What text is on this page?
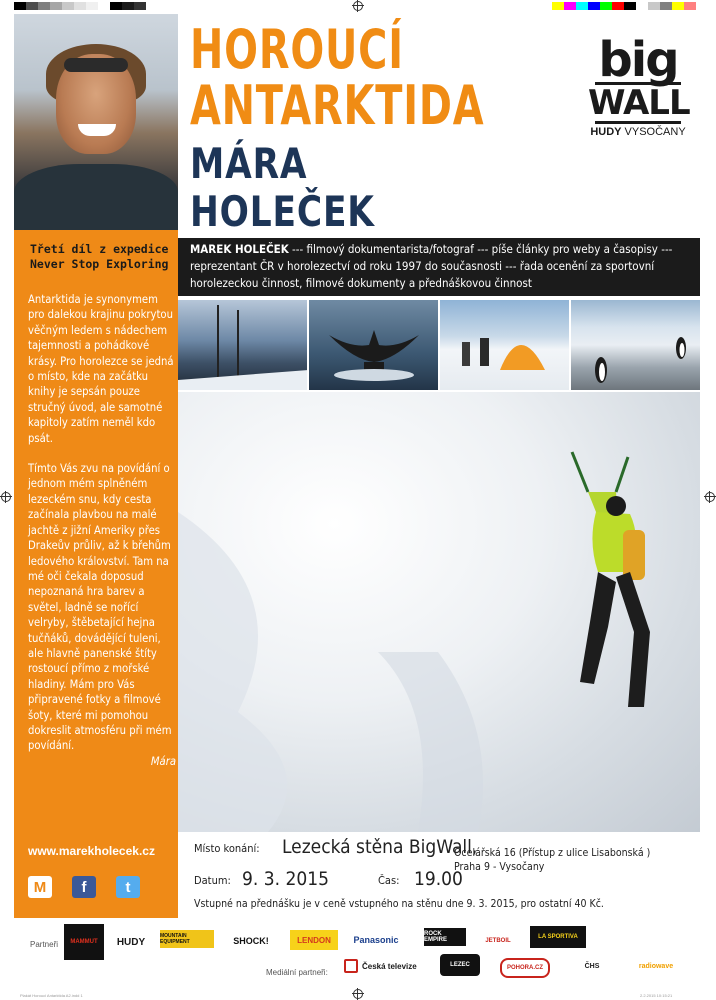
HOROUCÍ
ANTARKTIDA
MÁRA HOLEČEK
big
WALL
HUDY VYSOČANY
Třetí díl z expedice Never Stop Exploring

Antarktida je synonymem pro dalekou krajinu pokrytou věčným ledem s nádechem tajemnosti a pohádkové krásy. Pro horolezce se jedná o místo, kde na začátku knihy je sepsán pouze stručný úvod, ale samotné kapitoly zatím neměl kdo psát.

Tímto Vás zvu na povídání o jednom mém splněném lezeckém snu, kdy cesta začínala plavbou na malé jachtě z jižní Ameriky přes Drakeův průliv, až k břehům ledového království. Tam na mé oči čekala doposud nepoznaná hra barev a světel, ladně se nořící velryby, štěbetající hejna tučňáků, dovádějící tuleni, ale hlavně panenské štíty rostoucí přímo z mořské hladiny. Mám pro Vás připravené fotky a filmové šoty, které mi pomohou dokreslit atmosféru při mém povídání.

Mára
www.marekholecek.cz
M	f	t
MAREK HOLEČEK --- filmový dokumentarista/fotograf --- píše články pro weby a časopisy --- reprezentant ČR v horolezectví od roku 1997 do současnosti --- řada ocenění za sportovní horolezeckou činnost, filmové dokumenty a přednáškovou činnost
Místo konání: Lezecká stěna BigWall,
Ocelářská 16 (Přístup z ulice Lisabonská )
Praha 9 - Vysočany
Datum: 9. 3. 2015	Čas: 19.00
Vstupné na přednášku je v ceně vstupného na stěnu dne 9. 3. 2015, pro ostatní 40 Kč.
Partneři	MAMMUT	HUDY
MOUNTAIN EQUIPMENT	SHOCK!	LENDON	Panasonic
ROCK EMPIRE	JETBOIL
LA SPORTIVA
Mediální partneři:
Česká televize	LEZEC	POHORA.CZ	ČHS	radiowave
Plakát Horouci Antarktida A2.indd 1	2.2.2015 10:15:21
